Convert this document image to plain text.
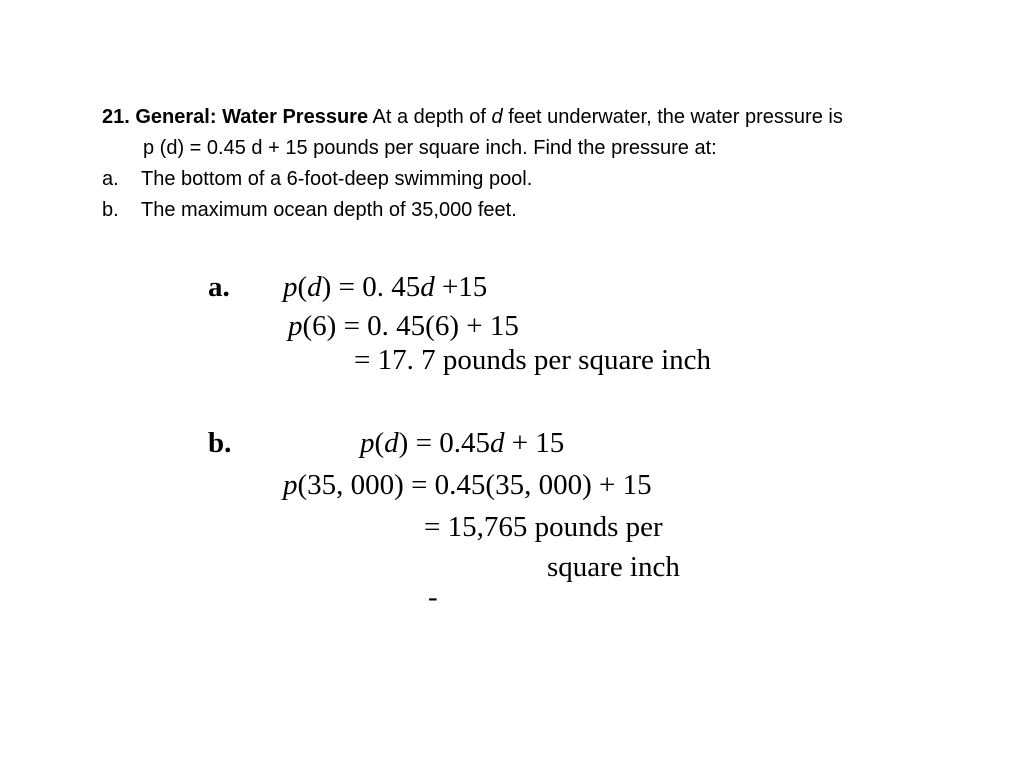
21. General: Water Pressure At a depth of d feet underwater, the water pressure is
p (d) = 0.45 d + 15 pounds per square inch. Find the pressure at:
a. The bottom of a 6-foot-deep swimming pool.
b. The maximum ocean depth of 35,000 feet.
a. p(d) = 0. 45d +15
p(6) = 0. 45(6) + 15
= 17. 7 pounds per square inch
b.	p(d) = 0.45d + 15
p(35, 000) = 0.45(35, 000) + 15
= 15,765 pounds per
square inch
-
